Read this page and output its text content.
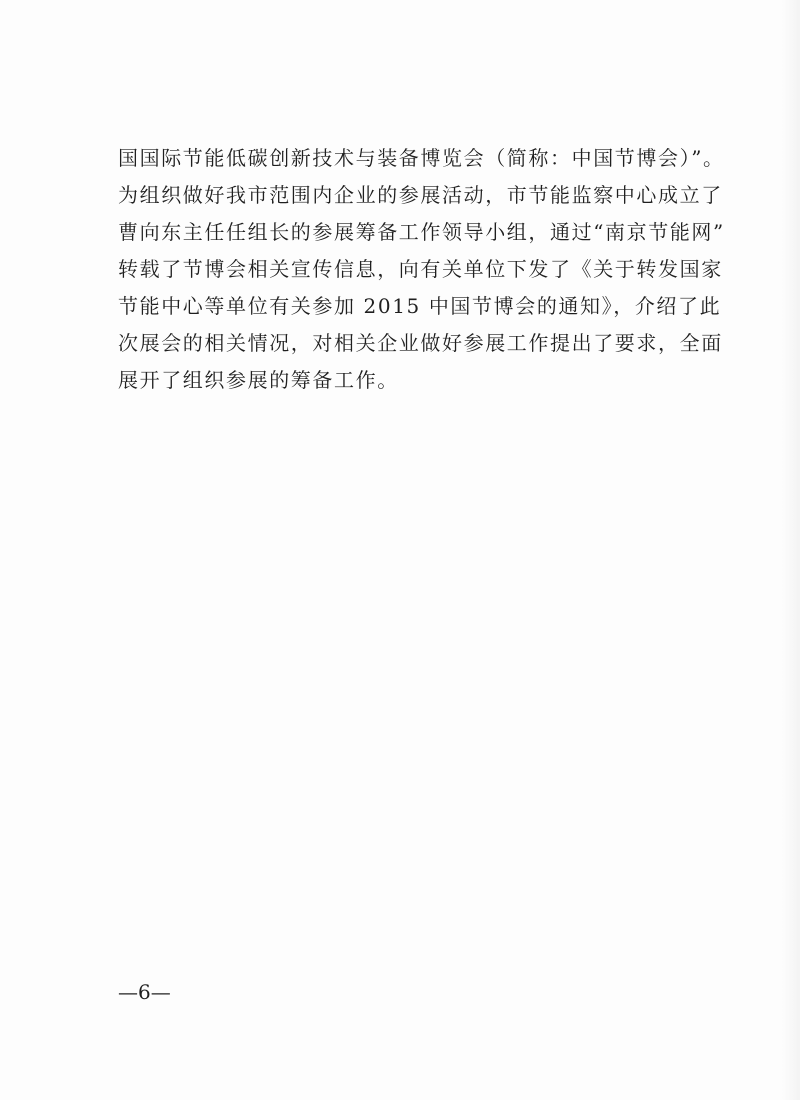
国国际节能低碳创新技术与装备博览会（简称：中国节博会）”。
为组织做好我市范围内企业的参展活动，市节能监察中心成立了
曹向东主任任组长的参展筹备工作领导小组，通过“南京节能网”
转载了节博会相关宣传信息，向有关单位下发了《关于转发国家
节能中心等单位有关参加 2015 中国节博会的通知》，介绍了此
次展会的相关情况，对相关企业做好参展工作提出了要求，全面
展开了组织参展的筹备工作。
—6—
